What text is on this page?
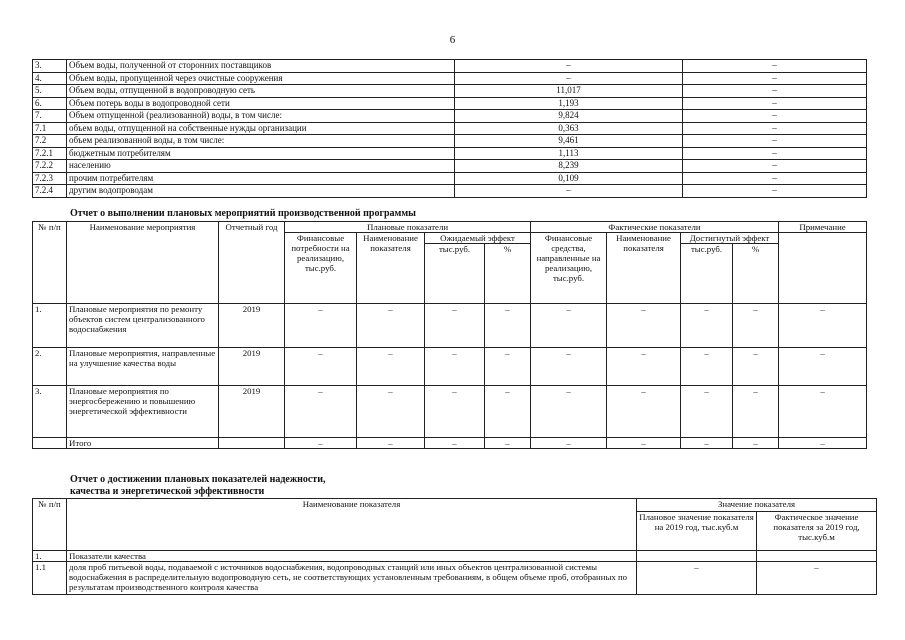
6
3.	Объем воды, полученной от сторонних поставщиков	–	–
4.	Объем воды, пропущенной через очистные сооружения	–	–
5.	Объем воды, отпущенной в водопроводную сеть	11,017	–
6.	Объем потерь воды в водопроводной сети	1,193	–
7.	Объем отпущенной (реализованной) воды, в том числе:	9,824	–
7.1	объем воды, отпущенной на собственные нужды организации	0,363	–
7.2	объем реализованной воды, в том числе:	9,461	–
7.2.1	бюджетным потребителям	1,113	–
7.2.2	населению	8,239	–
7.2.3	прочим потребителям	0,109	–
7.2.4	другим водопроводам	–	–
Отчет о выполнении плановых мероприятий производственной программы
№ п/п	Наименование мероприятия	Отчетный год	Плановые показатели				Фактические показатели				Примечание
			Финансовые потребности на реализацию, тыс.руб.	Наименование показателя	Ожидаемый эффект		Финансовые средства, направленные на реализацию, тыс.руб.	Наименование показателя	Достигнутый эффект		
					тыс.руб.	%			тыс.руб.	%	
1.	Плановые мероприятия по ремонту объектов систем централизованного водоснабжения	2019	–	–	–	–	–	–	–	–	–
2.	Плановые мероприятия, направленные на улучшение качества воды	2019	–	–	–	–	–	–	–	–	–
3.	Плановые мероприятия по энергосбережению и повышению энергетической эффективности	2019	–	–	–	–	–	–	–	–	–
	Итого		–	–	–	–	–	–	–	–	–
Отчет о достижении плановых показателей надежности,
качества и энергетической эффективности
№ п/п	Наименование показателя	Значение показателя	
		Плановое значение показателя на 2019 год, тыс.куб.м	Фактическое значение показателя за 2019 год, тыс.куб.м
1.	Показатели качества		
1.1	доля проб питьевой воды, подаваемой с источников водоснабжения, водопроводных станций или иных объектов централизованной системы водоснабжения в распределительную водопроводную сеть, не соответствующих установленным требованиям, в общем объеме проб, отобранных по результатам производственного контроля качества	–	–
